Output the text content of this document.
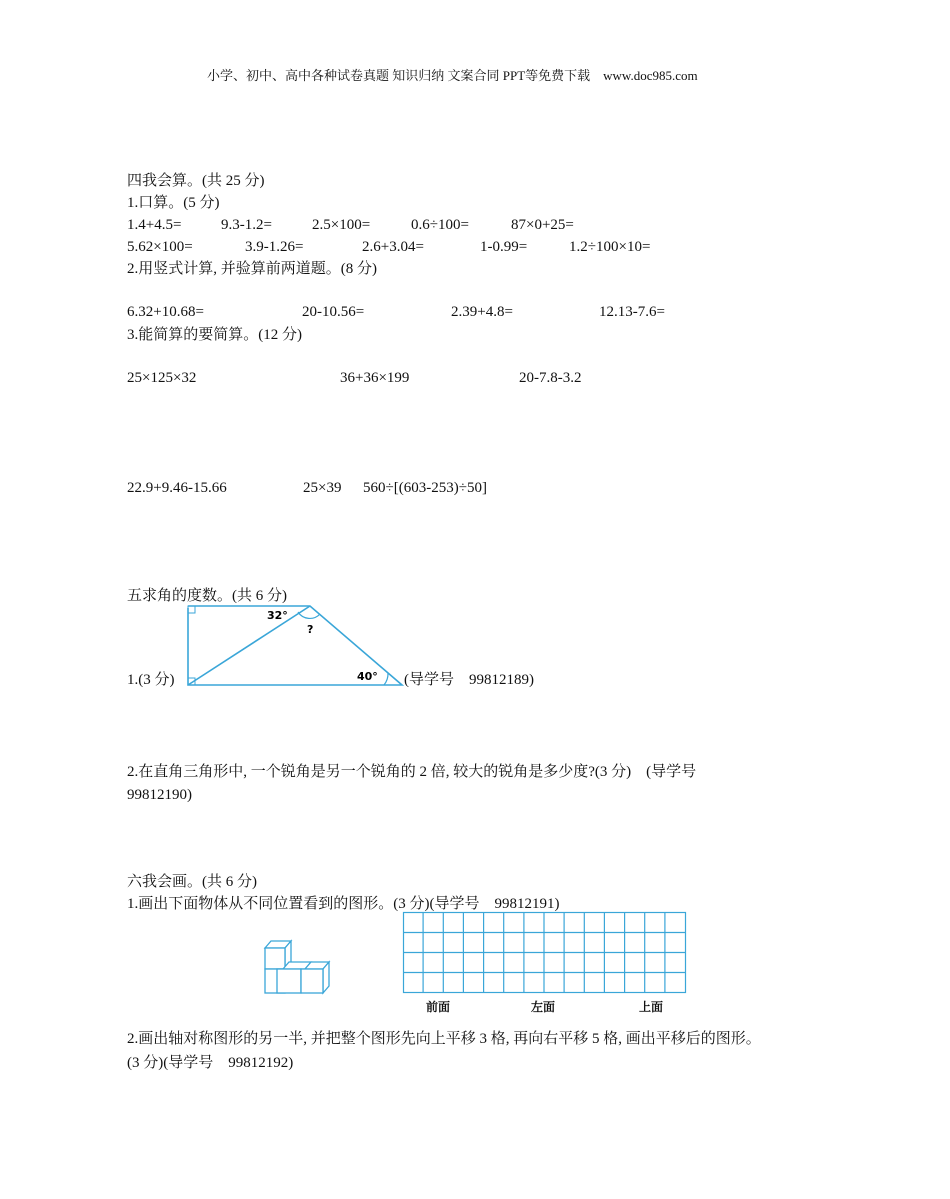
小学、初中、高中各种试卷真题 知识归纳 文案合同 PPT等免费下载　www.doc985.com
四我会算。(共 25 分)
1.口算。(5 分)
1.4+4.5=	9.3-1.2=	2.5×100=	0.6÷100=	87×0+25=
5.62×100=	3.9-1.26=	2.6+3.04=	1-0.99=	1.2÷100×10=
2.用竖式计算, 并验算前两道题。(8 分)
6.32+10.68=	20-10.56=	2.39+4.8=	12.13-7.6=
3.能简算的要简算。(12 分)
25×125×32	36+36×199	20-7.8-3.2
22.9+9.46-15.66	25×39 560÷[(603-253)÷50]
五求角的度数。(共 6 分)
32°
?
40°
1.(3 分)	(导学号　99812189)
2.在直角三角形中, 一个锐角是另一个锐角的 2 倍, 较大的锐角是多少度?(3 分)　(导学号
99812190)
六我会画。(共 6 分)
1.画出下面物体从不同位置看到的图形。(3 分)(导学号　99812191)
前面	左面	上面
2.画出轴对称图形的另一半, 并把整个图形先向上平移 3 格, 再向右平移 5 格, 画出平移后的图形。
(3 分)(导学号　99812192)
